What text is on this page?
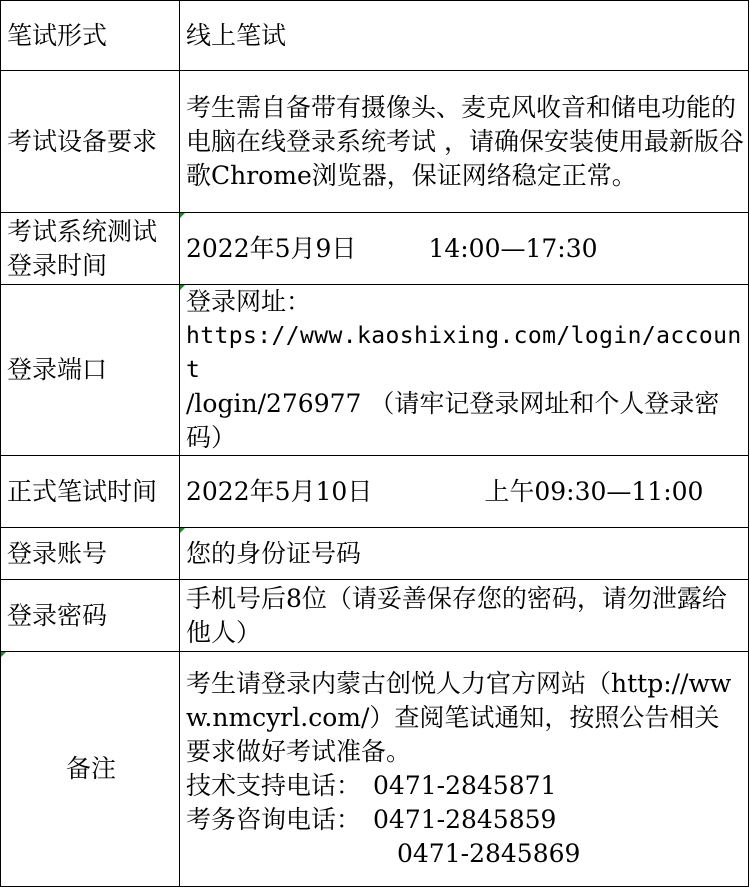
笔试形式	线上笔试
考试设备要求	考生需自备带有摄像头、麦克风收音和储电功能的电脑在线登录系统考试 ，请确保安装使用最新版谷歌Chrome浏览器，保证网络稳定正常。
考试系统测试登录时间	2022年5月9日 14:00—17:30
登录端口	登录网址：
https://www.kaoshixing.com/login/account
/login/276977 （请牢记登录网址和个人登录密码）

正式笔试时间	2022年5月10日 上午09:30—11:00
登录账号	您的身份证号码
登录密码	手机号后8位（请妥善保存您的密码，请勿泄露给他人）

备注	考生请登录内蒙古创悦人力官方网站（http://www.nmcyrl.com/）查阅笔试通知，按照公告相关要求做好考试准备。
技术支持电话： 0471-2845871
考务咨询电话： 0471-2845859
0471-2845869
